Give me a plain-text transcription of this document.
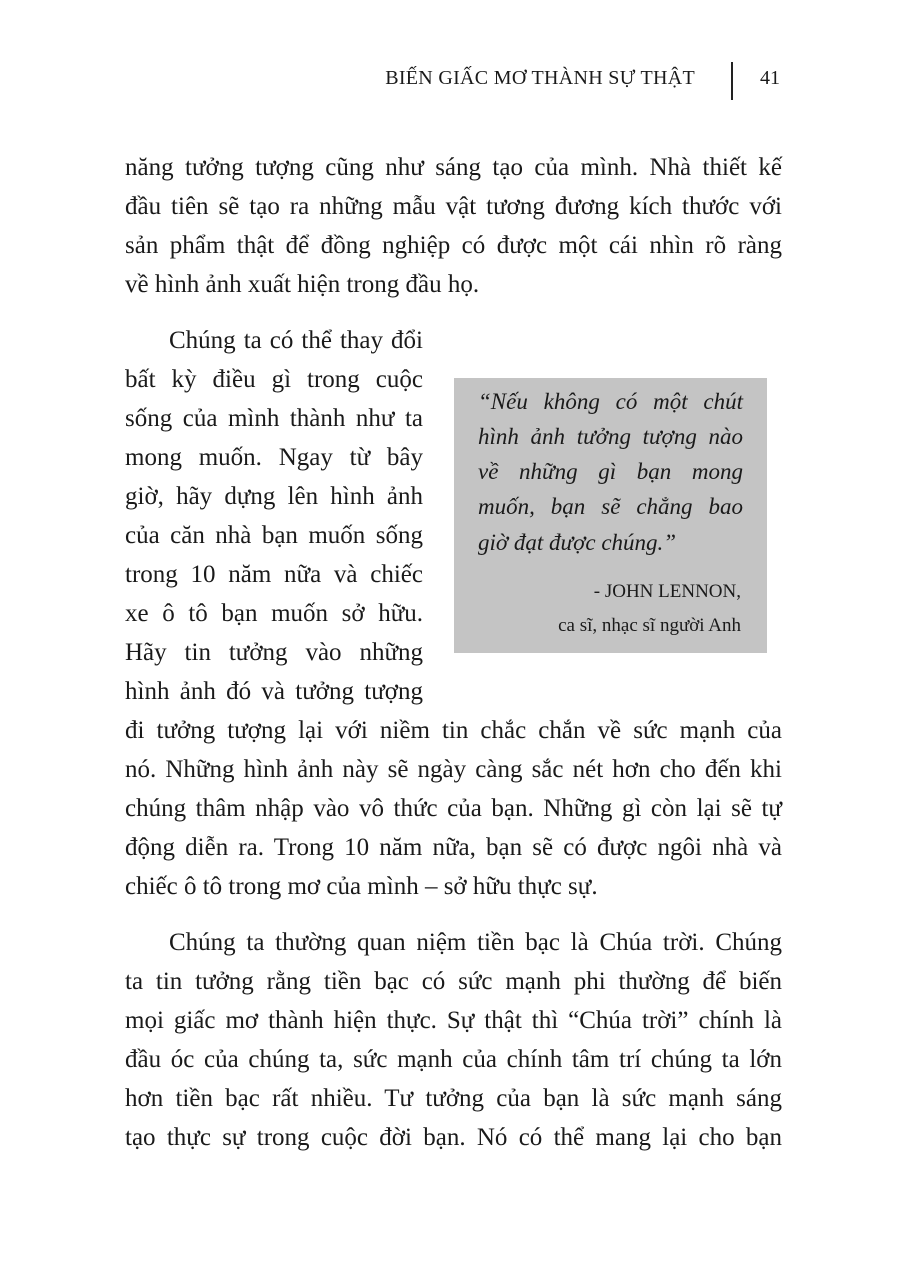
BIẾN GIẤC MƠ THÀNH SỰ THẬT	41
năng tưởng tượng cũng như sáng tạo của mình. Nhà thiết kế
đầu tiên sẽ tạo ra những mẫu vật tương đương kích thước với
sản phẩm thật để đồng nghiệp có được một cái nhìn rõ ràng
về hình ảnh xuất hiện trong đầu họ.
Chúng ta có thể thay đổi
bất kỳ điều gì trong cuộc
sống của mình thành như ta
mong muốn. Ngay từ bây
giờ, hãy dựng lên hình ảnh
của căn nhà bạn muốn sống
trong 10 năm nữa và chiếc
xe ô tô bạn muốn sở hữu.
Hãy tin tưởng vào những
hình ảnh đó và tưởng tượng
đi tưởng tượng lại với niềm tin chắc chắn về sức mạnh của
nó. Những hình ảnh này sẽ ngày càng sắc nét hơn cho đến khi
chúng thâm nhập vào vô thức của bạn. Những gì còn lại sẽ tự
động diễn ra. Trong 10 năm nữa, bạn sẽ có được ngôi nhà và
chiếc ô tô trong mơ của mình – sở hữu thực sự.
Chúng ta thường quan niệm tiền bạc là Chúa trời. Chúng
ta tin tưởng rằng tiền bạc có sức mạnh phi thường để biến
mọi giấc mơ thành hiện thực. Sự thật thì “Chúa trời” chính là
đầu óc của chúng ta, sức mạnh của chính tâm trí chúng ta lớn
hơn tiền bạc rất nhiều. Tư tưởng của bạn là sức mạnh sáng
tạo thực sự trong cuộc đời bạn. Nó có thể mang lại cho bạn
“Nếu không có một chút
hình ảnh tưởng tượng nào
về những gì bạn mong
muốn, bạn sẽ chẳng bao
giờ đạt được chúng.”
- JOHN LENNON,
ca sĩ, nhạc sĩ người Anh
